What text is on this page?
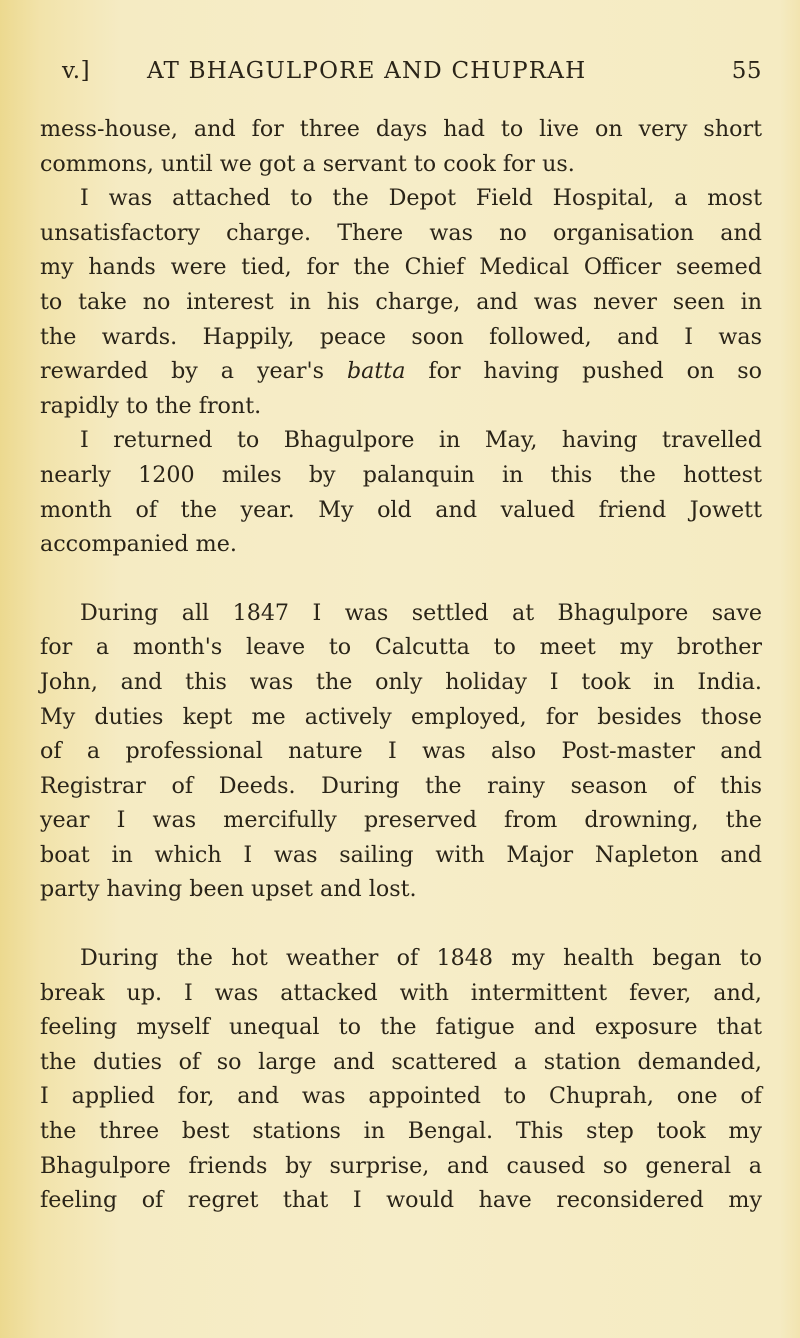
v.] AT BHAGULPORE AND CHUPRAH	55
mess-house, and for three days had to live on very short
commons, until we got a servant to cook for us.
I was attached to the Depot Field Hospital, a most
unsatisfactory charge. There was no organisation and
my hands were tied, for the Chief Medical Officer seemed
to take no interest in his charge, and was never seen in
the wards. Happily, peace soon followed, and I was
rewarded by a year's batta for having pushed on so
rapidly to the front.
I returned to Bhagulpore in May, having travelled
nearly 1200 miles by palanquin in this the hottest
month of the year. My old and valued friend Jowett
accompanied me.
During all 1847 I was settled at Bhagulpore save
for a month's leave to Calcutta to meet my brother
John, and this was the only holiday I took in India.
My duties kept me actively employed, for besides those
of a professional nature I was also Post-master and
Registrar of Deeds. During the rainy season of this
year I was mercifully preserved from drowning, the
boat in which I was sailing with Major Napleton and
party having been upset and lost.
During the hot weather of 1848 my health began to
break up. I was attacked with intermittent fever, and,
feeling myself unequal to the fatigue and exposure that
the duties of so large and scattered a station demanded,
I applied for, and was appointed to Chuprah, one of
the three best stations in Bengal. This step took my
Bhagulpore friends by surprise, and caused so general a
feeling of regret that I would have reconsidered my
